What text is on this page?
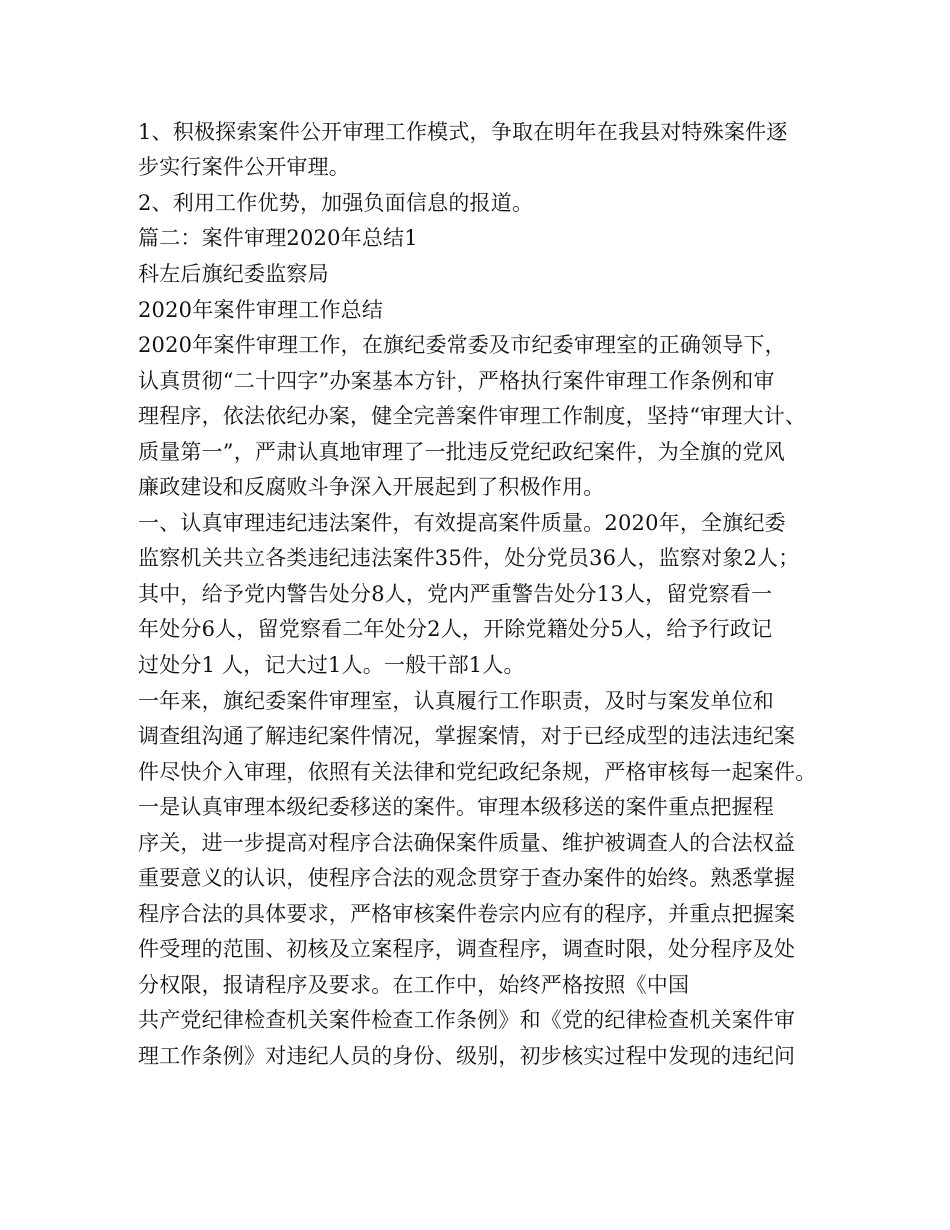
1、积极探索案件公开审理工作模式，争取在明年在我县对特殊案件逐
步实行案件公开审理。
2、利用工作优势，加强负面信息的报道。
篇二：案件审理2020年总结1
科左后旗纪委监察局
2020年案件审理工作总结
2020年案件审理工作，在旗纪委常委及市纪委审理室的正确领导下，
认真贯彻“二十四字”办案基本方针，严格执行案件审理工作条例和审
理程序，依法依纪办案，健全完善案件审理工作制度，坚持“审理大计、
质量第一”，严肃认真地审理了一批违反党纪政纪案件，为全旗的党风
廉政建设和反腐败斗争深入开展起到了积极作用。
一、认真审理违纪违法案件，有效提高案件质量。2020年，全旗纪委
监察机关共立各类违纪违法案件35件，处分党员36人，监察对象2人；
其中，给予党内警告处分8人，党内严重警告处分13人，留党察看一
年处分6人，留党察看二年处分2人，开除党籍处分5人，给予行政记
过处分1 人，记大过1人。一般干部1人。
一年来，旗纪委案件审理室，认真履行工作职责，及时与案发单位和
调查组沟通了解违纪案件情况，掌握案情，对于已经成型的违法违纪案
件尽快介入审理，依照有关法律和党纪政纪条规，严格审核每一起案件。
一是认真审理本级纪委移送的案件。审理本级移送的案件重点把握程
序关，进一步提高对程序合法确保案件质量、维护被调查人的合法权益
重要意义的认识，使程序合法的观念贯穿于查办案件的始终。熟悉掌握
程序合法的具体要求，严格审核案件卷宗内应有的程序，并重点把握案
件受理的范围、初核及立案程序，调查程序，调查时限，处分程序及处
分权限，报请程序及要求。在工作中，始终严格按照《中国
共产党纪律检查机关案件检查工作条例》和《党的纪律检查机关案件审
理工作条例》对违纪人员的身份、级别，初步核实过程中发现的违纪问
